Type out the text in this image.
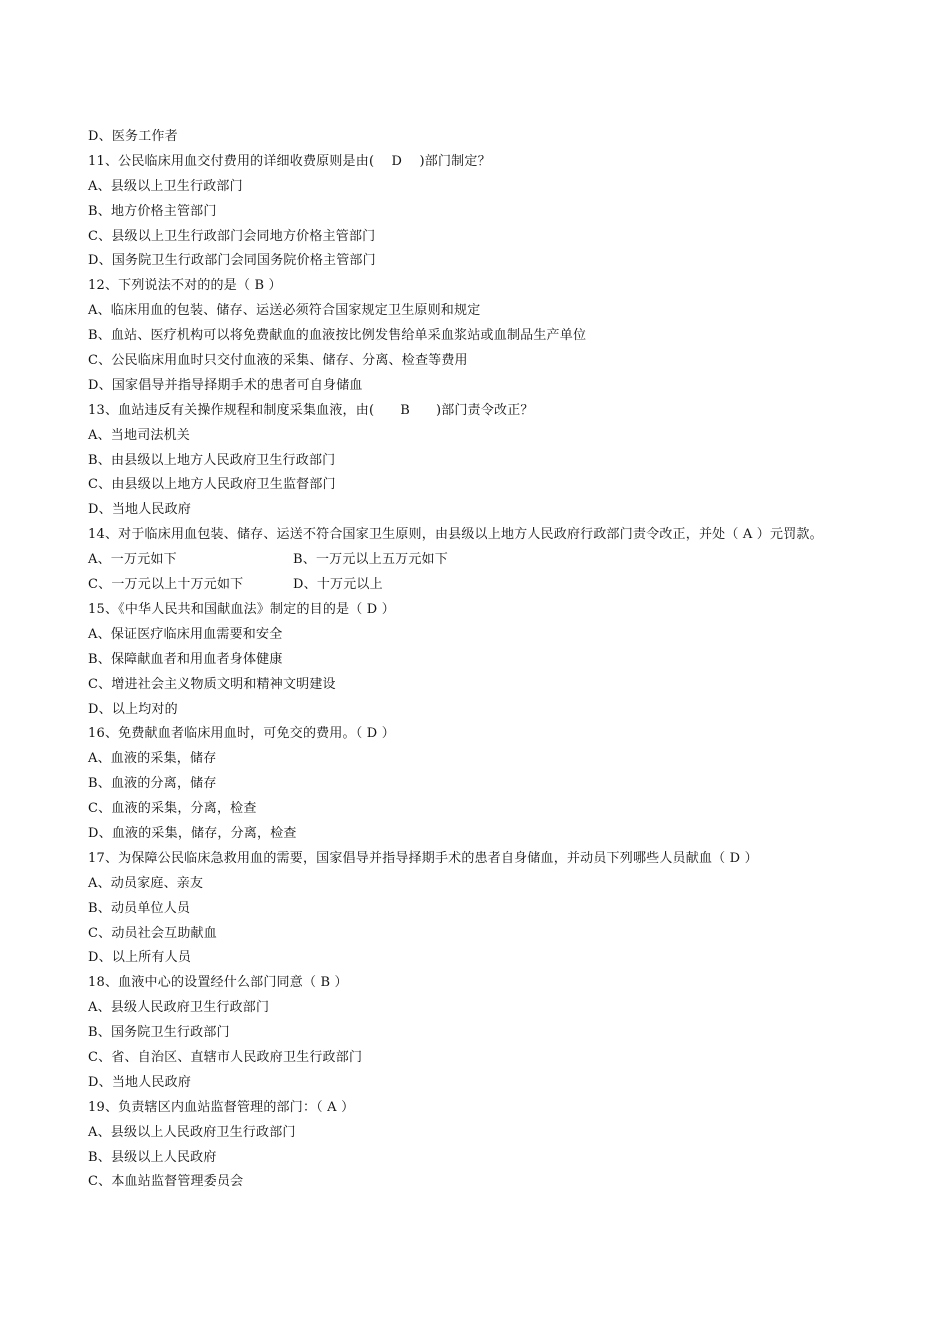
D、医务工作者
11、公民临床用血交付费用的详细收费原则是由(    D    )部门制定？
A、县级以上卫生行政部门
B、地方价格主管部门
C、县级以上卫生行政部门会同地方价格主管部门
D、国务院卫生行政部门会同国务院价格主管部门
12、下列说法不对的的是（ B ）
A、临床用血的包装、储存、运送必须符合国家规定卫生原则和规定
B、血站、医疗机构可以将免费献血的血液按比例发售给单采血浆站或血制品生产单位
C、公民临床用血时只交付血液的采集、储存、分离、检查等费用
D、国家倡导并指导择期手术的患者可自身储血
13、血站违反有关操作规程和制度采集血液，由(      B      )部门责令改正？
A、当地司法机关
B、由县级以上地方人民政府卫生行政部门
C、由县级以上地方人民政府卫生监督部门
D、当地人民政府
14、对于临床用血包装、储存、运送不符合国家卫生原则，由县级以上地方人民政府行政部门责令改正，并处（ A ）元罚款。
A、一万元如下	B、一万元以上五万元如下
C、一万元以上十万元如下	D、十万元以上
15、《中华人民共和国献血法》制定的目的是（ D ）
A、保证医疗临床用血需要和安全
B、保障献血者和用血者身体健康
C、增进社会主义物质文明和精神文明建设
D、以上均对的
16、免费献血者临床用血时，可免交的费用。（ D ）
A、血液的采集，储存
B、血液的分离，储存
C、血液的采集，分离，检查
D、血液的采集，储存，分离，检查
17、为保障公民临床急救用血的需要，国家倡导并指导择期手术的患者自身储血，并动员下列哪些人员献血（ D ）
A、动员家庭、亲友
B、动员单位人员
C、动员社会互助献血
D、以上所有人员
18、血液中心的设置经什么部门同意（ B ）
A、县级人民政府卫生行政部门
B、国务院卫生行政部门
C、省、自治区、直辖市人民政府卫生行政部门
D、当地人民政府
19、负责辖区内血站监督管理的部门：（ A ）
A、县级以上人民政府卫生行政部门
B、县级以上人民政府
C、本血站监督管理委员会
